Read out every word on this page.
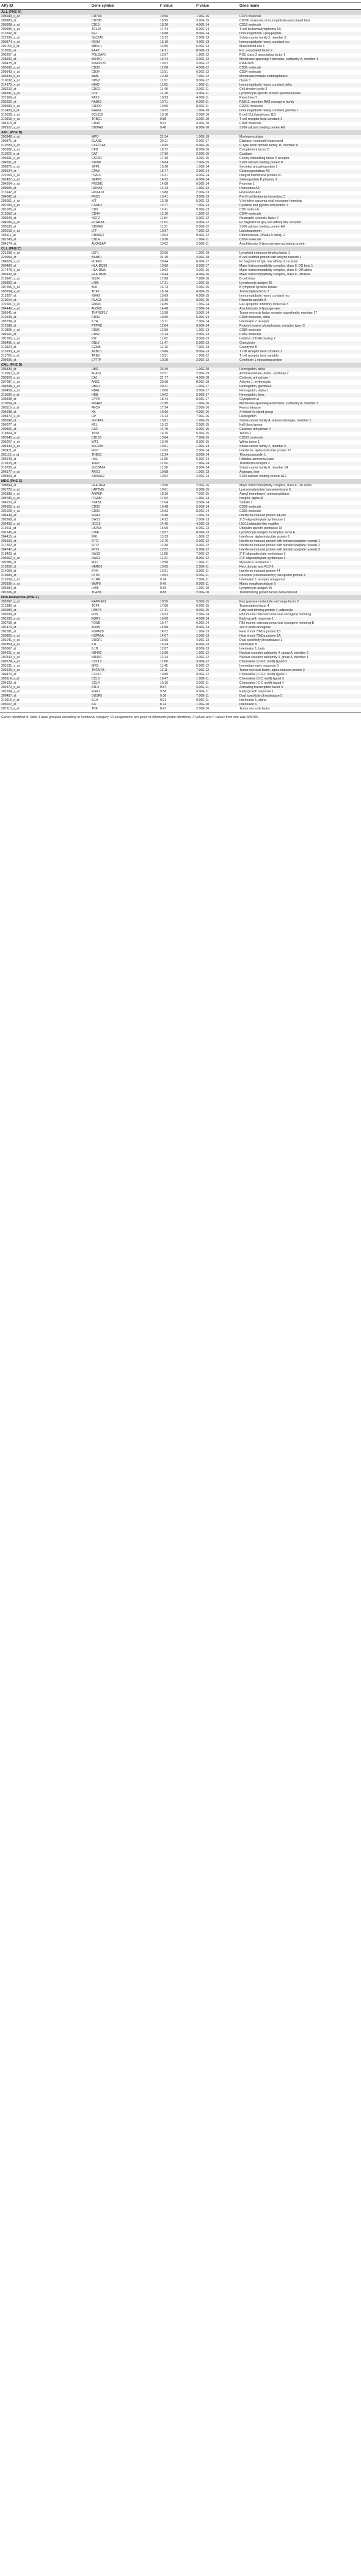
Affy ID	Gene symbol	F value	P value	Gene name
ALL (PHE A)				
205049_s_at	CD79A	19.66	1.00E-16	CD79 molecule
206983_at	CD79B	18.95	3.00E-15	CD79b molecule, immunoglobulin-associated beta
206398_s_at	CD19	18.20	4.00E-14	CD19 molecule
209995_s_at	TCL1A	17.44	6.00E-14	T-cell leukemia/lymphoma 1A
212592_at	IGJ	16.88	9.00E-14	Immunoglobulin J polypeptide
222206_s_at	SLC2A5	15.72	2.00E-13	Solute carrier family 2, member 5
209374_s_at	IGHM	15.10	4.00E-13	Immunoglobulin heavy constant mu
201153_s_at	MBNL1	14.85	6.00E-13	Muscleblind-like 1
219551_at	EAF2	14.21	8.00E-13	ELL associated factor 2
205267_at	POU2AF1	13.97	1.00E-12	POU class 2 associating factor 1
228592_at	MS4A1	13.44	2.00E-12	Membrane-spanning 4-domains, subfamily A, member 1
206478_at	KIAA0125	13.02	3.00E-12	KIAA0125
205692_s_at	CD38	12.88	4.00E-12	CD38 molecule
209543_s_at	CD34	12.51	6.00E-12	CD34 molecule
203434_s_at	MME	12.30	7.00E-12	Membrane metallo-endopeptidase
219032_x_at	OPN3	11.97	9.00E-12	Opsin 3
214973_x_at	IGHD	11.62	1.00E-11	Immunoglobulin heavy constant delta
203213_at	CDC2	11.40	2.00E-11	Cell division cycle 2
204891_s_at	LCK	11.18	3.00E-11	Lymphocyte-specific protein tyrosine kinase
221969_at	PAX5	10.93	4.00E-11	Paired box 5
202252_at	RAB13	10.71	6.00E-11	RAB13, member RAS oncogene family
209583_s_at	CD200	10.55	8.00E-11	CD200 molecule
211430_s_at	IGHG1	10.32	1.00E-10	Immunoglobulin heavy constant gamma 1
219528_s_at	BCL11B	10.10	2.00E-10	B-cell CLL/lymphoma 11B
210915_x_at	TRBC1	9.88	3.00E-10	T cell receptor beta constant 1
204118_at	CD48	9.61	4.00E-10	CD48 molecule
202917_s_at	S100A8	9.40	6.00E-10	S100 calcium binding protein A8
AML (PHE B)				
203948_s_at	MPO	21.34	1.00E-18	Myeloperoxidase
206871_at	ELANE	20.11	2.00E-17	Elastase, neutrophil expressed
210783_x_at	CLEC11A	19.45	5.00E-16	C-type lectin domain family 11, member A
205382_s_at	CFD	18.72	8.00E-16	Complement factor D
211922_s_at	CAT	17.96	2.00E-15	Catalase
203591_s_at	CSF3R	17.30	4.00E-15	Colony stimulating factor 3 receptor
204351_at	S100P	16.84	7.00E-15	S100 calcium binding protein P
209875_s_at	SPP1	16.20	1.00E-14	Secreted phosphoprotein 1
205624_at	CPA3	15.77	2.00E-14	Carboxypeptidase A3
221004_s_at	ITM2C	15.31	4.00E-14	Integral membrane protein 2C
201427_s_at	SEPP1	14.92	6.00E-14	Selenoprotein P, plasma, 1
204304_s_at	PROM1	14.58	9.00E-14	Prominin 1
209905_at	HOXA9	14.13	1.00E-13	Homeobox A9
213147_at	HOXA10	13.80	2.00E-13	Homeobox A10
204082_at	PBX3	13.41	3.00E-13	Pre-B-cell leukemia homeobox 3
205051_s_at	KIT	13.10	5.00E-13	V-kit feline sarcoma viral oncogene homolog
207030_s_at	CSRP2	12.77	7.00E-13	Cysteine and glycine-rich protein 2
201005_at	CD9	12.41	9.00E-13	CD9 molecule
212063_at	CD44	12.10	1.00E-12	CD44 molecule
209949_at	NCF2	11.84	2.00E-12	Neutrophil cytosolic factor 2
204006_s_at	FCGR3A	11.52	3.00E-12	Fc fragment of IgG, low affinity IIIa, receptor
203535_at	S100A9	11.21	5.00E-12	S100 calcium binding protein A9
202018_s_at	LTF	10.97	7.00E-12	Lactotransferrin
206111_at	RNASE2	10.63	9.00E-12	Ribonuclease, RNase A family, 2
201743_at	CD14	10.30	1.00E-11	CD14 molecule
204174_at	ALOX5AP	10.02	2.00E-11	Arachidonate 5-lipoxygenase-activating protein
CLL (PHE C)				
221558_s_at	LEF1	22.05	1.00E-19	Lymphoid enhancer-binding factor 1
220059_at	BANK1	21.10	3.00E-18	B-cell scaffold protein with ankyrin repeats 1
204829_s_at	FCER2	20.44	6.00E-17	Fc fragment of IgE, low affinity II, receptor
209480_at	HLA-DQB1	19.80	9.00E-17	Major histocompatibility complex, class II, DQ beta 1
217478_s_at	HLA-DMA	19.02	2.00E-16	Major histocompatibility complex, class II, DM alpha
203932_at	HLA-DMB	18.44	4.00E-16	Major histocompatibility complex, class II, DM beta
219667_s_at	BLNK	17.88	7.00E-16	B-cell linker
205859_at	LY86	17.21	1.00E-15	Lymphocyte antigen 86
207655_s_at	BLK	16.73	2.00E-15	B lymphoid tyrosine kinase
205254_x_at	TCF7	16.14	4.00E-15	Transcription factor 7
212827_at	IGHM	15.69	6.00E-15	Immunoglobulin heavy constant mu
219014_at	PLAC8	15.20	9.00E-15	Placenta-specific 8
221601_s_at	FAIM3	14.85	1.00E-14	Fas apoptotic inhibitory molecule 3
204446_s_at	ALOX5	14.40	2.00E-14	Arachidonate 5-lipoxygenase
206641_at	TNFRSF17	13.98	3.00E-14	Tumor necrosis factor receptor superfamily, member 17
213539_at	CD3D	13.55	5.00E-14	CD3d molecule, delta
205798_at	IL7R	13.11	7.00E-14	Interleukin 7 receptor
212588_at	PTPRC	12.84	9.00E-14	Protein tyrosine phosphatase, receptor type, C
210895_s_at	CD86	12.50	1.00E-13	CD86 molecule
204661_at	CD52	12.14	2.00E-13	CD52 molecule
201565_s_at	ID2	11.82	3.00E-13	Inhibitor of DNA binding 2
205495_s_at	GNLY	11.47	5.00E-13	Granulysin
210164_at	GZMB	11.13	7.00E-13	Granzyme B
213193_x_at	TRBC1	10.86	9.00E-13	T cell receptor beta constant 1
211796_s_at	TRBV	10.51	1.00E-12	T cell receptor beta variable
209606_at	CYTIP	10.20	2.00E-12	Cytohesin 1 interacting protein
CML (PHE D)				
206834_at	HBD	23.40	1.00E-20	Hemoglobin, delta
211560_s_at	ALAS2	22.51	2.00E-19	Aminolevulinate, delta-, synthase 2
205950_s_at	CA1	21.77	4.00E-18	Carbonic anhydrase I
207087_x_at	ANK1	20.98	8.00E-18	Ankyrin 1, erythrocytic
204848_x_at	HBG1	20.31	1.00E-17	Hemoglobin, gamma A
209458_x_at	HBA1	19.60	3.00E-17	Hemoglobin, alpha 1
211696_x_at	HBB	19.02	5.00E-17	Hemoglobin, beta
205838_at	GYPA	18.44	8.00E-17	Glycophorin A
210254_at	MS4A3	17.85	1.00E-16	Membrane-spanning 4-domains, subfamily A, member 3
203116_s_at	FECH	17.24	2.00E-16	Ferrochelatase
206698_at	XK	16.66	4.00E-16	X-linked Kx blood group
208470_s_at	HP	16.13	7.00E-16	Haptoglobin
205592_at	SLC4A1	15.61	1.00E-15	Solute carrier family 4, anion exchanger, member 1
206077_at	KEL	15.12	2.00E-15	Kell blood group
209301_at	CA2	14.70	3.00E-15	Carbonic anhydrase II
218864_at	TNS1	14.25	5.00E-15	Tensin 1
203645_s_at	CD163	13.84	7.00E-15	CD163 molecule
206067_s_at	WT1	13.40	9.00E-15	Wilms tumor 1
204430_s_at	SLC2A5	13.01	1.00E-14	Solute carrier family 2, member 5
202411_at	IFI27	12.63	2.00E-14	Interferon, alpha-inducible protein 27
201110_s_at	THBS1	12.24	3.00E-14	Thrombospondin 1
206643_at	HAL	11.90	5.00E-14	Histidine ammonia-lyase
210215_at	TFR2	11.54	7.00E-14	Transferrin receptor 2
219795_at	SLC6A14	11.20	9.00E-14	Solute carrier family 6, member 14
206177_s_at	ARG1	10.88	1.00E-13	Arginase, liver
205863_at	S100A12	10.52	2.00E-13	S100 calcium binding protein A12
MDS (PHE E)				
208894_at	HLA-DRA	19.90	2.00E-16	Major histocompatibility complex, class II, DR alpha
201720_s_at	LAPTM5	19.01	5.00E-15	Lysosomal protein transmembrane 5
202888_s_at	ANPEP	18.30	7.00E-15	Alanyl (membrane) aminopeptidase
205786_s_at	ITGAM	17.62	1.00E-14	Integrin, alpha M
204150_at	STAB1	17.04	3.00E-14	Stabilin 1
209555_s_at	CD36	16.48	5.00E-14	CD36 molecule
201028_s_at	CD99	15.93	8.00E-14	CD99 molecule
204439_at	IFI44L	15.40	1.00E-13	Interferon-induced protein 44-like
202869_at	OAS1	14.92	2.00E-13	2',5'-oligoadenylate synthetase 1
205483_s_at	ISG15	14.45	4.00E-13	ISG15 ubiquitin-like modifier
219211_at	USP18	14.00	6.00E-13	Ubiquitin specific peptidase 18
202145_at	LY6E	13.57	8.00E-13	Lymphocyte antigen 6 complex, locus E
204415_at	IFI6	13.13	1.00E-12	Interferon, alpha-inducible protein 6
203153_at	IFIT1	12.76	2.00E-12	Interferon-induced protein with tetratricopeptide repeats 1
217502_at	IFIT2	12.40	3.00E-12	Interferon-induced protein with tetratricopeptide repeats 2
204747_at	IFIT3	12.02	5.00E-12	Interferon-induced protein with tetratricopeptide repeats 3
218400_at	OAS3	11.68	7.00E-12	2'-5'-oligoadenylate synthetase 3
205552_s_at	OAS1	11.31	9.00E-12	2',5'-oligoadenylate synthetase 1
202086_at	MX1	10.98	1.00E-11	Myxovirus resistance 1
219352_at	HERC6	10.65	2.00E-11	Hect domain and RLD 6
214059_at	IFI44	10.31	3.00E-11	Interferon-induced protein 44
219684_at	RTP4	10.02	5.00E-11	Receptor (chemosensory) transporter protein 4
212659_s_at	IL1RN	9.74	7.00E-11	Interleukin 1 receptor antagonist
203936_s_at	MMP9	9.45	9.00E-11	Matrix metallopeptidase 9
206584_at	LY96	9.16	1.00E-10	Lymphocyte antigen 96
201506_at	TGFBI	8.88	2.00E-10	Transforming growth factor, beta-induced
Non-leukaemia (PHE F)				
203097_s_at	RAPGEF2	18.55	3.00E-15	Rap guanine nucleotide exchange factor 2
212386_at	TCF4	17.80	6.00E-15	Transcription factor 4
203980_at	FABP4	17.11	9.00E-15	Fatty acid binding protein 4, adipocyte
209189_at	FOS	16.53	2.00E-14	FBJ murine osteosarcoma viral oncogene homolog
201693_s_at	EGR1	16.00	4.00E-14	Early growth response 1
202768_at	FOSB	15.47	6.00E-14	FBJ murine osteosarcoma viral oncogene homolog B
201473_at	JUNB	14.98	9.00E-14	Jun B proto-oncogene
202581_at	HSPA1B	14.52	1.00E-13	Heat shock 70kDa protein 1B
200800_s_at	HSPA1A	14.07	2.00E-13	Heat shock 70kDa protein 1A
201041_s_at	DUSP1	13.66	4.00E-13	Dual specificity phosphatase 1
202859_x_at	IL8	13.24	6.00E-13	Interleukin 8
205067_at	IL1B	12.87	8.00E-13	Interleukin 1, beta
204621_s_at	NR4A2	12.50	1.00E-12	Nuclear receptor subfamily 4, group A, member 2
202340_x_at	NR4A1	12.14	2.00E-12	Nuclear receptor subfamily 4, group A, member 1
209774_x_at	CXCL2	11.80	3.00E-12	Chemokine (C-X-C motif) ligand 2
201631_s_at	IER3	11.45	5.00E-12	Immediate early response 3
202643_s_at	TNFAIP3	11.11	7.00E-12	Tumor necrosis factor, alpha-induced protein 3
204470_at	CXCL1	10.80	9.00E-12	Chemokine (C-X-C motif) ligand 1
205114_s_at	CCL3	10.47	1.00E-11	Chemokine (C-C motif) ligand 3
204103_at	CCL4	10.15	2.00E-11	Chemokine (C-C motif) ligand 4
202672_s_at	ATF3	9.87	3.00E-11	Activating transcription factor 3
201694_s_at	EGR1	9.58	5.00E-11	Early growth response 1
209457_at	DUSP5	9.30	7.00E-11	Dual specificity phosphatase 5
210118_s_at	IL1A	9.01	9.00E-11	Interleukin 1, alpha
205207_at	IL6	8.74	1.00E-10	Interleukin 6
207113_s_at	TNF	8.47	2.00E-10	Tumor necrosis factor
Genes identified in Table 4 were grouped according to functional category; ID assignments are given in Affymetrix probe identifiers, F values and P values from one-way ANOVA.
